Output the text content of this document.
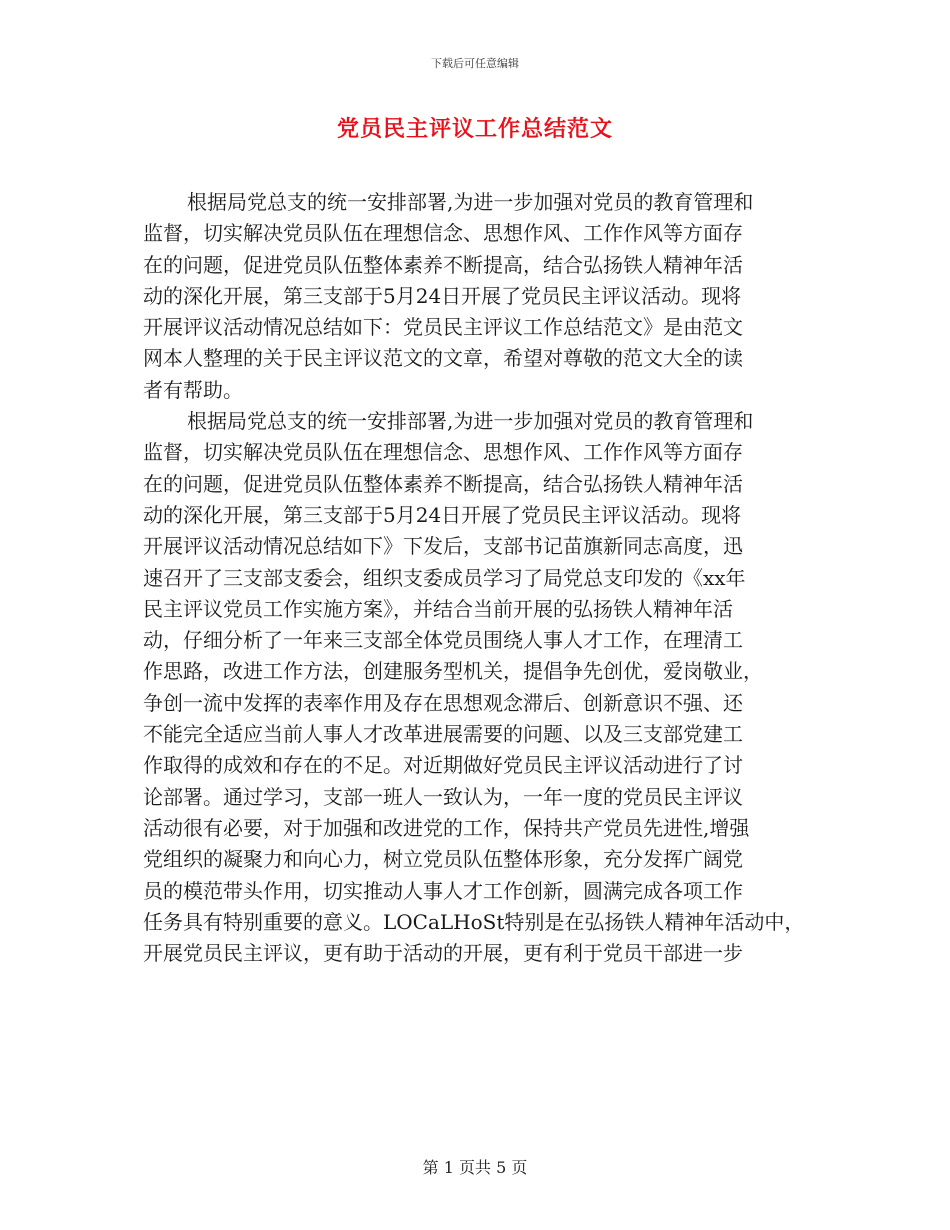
下载后可任意编辑
党员民主评议工作总结范文
根据局党总支的统一安排部署,为进一步加强对党员的教育管理和
监督，切实解决党员队伍在理想信念、思想作风、工作作风等方面存
在的问题，促进党员队伍整体素养不断提高，结合弘扬铁人精神年活
动的深化开展，第三支部于5月24日开展了党员民主评议活动。现将
开展评议活动情况总结如下：党员民主评议工作总结范文》是由范文
网本人整理的关于民主评议范文的文章，希望对尊敬的范文大全的读
者有帮助。
根据局党总支的统一安排部署,为进一步加强对党员的教育管理和
监督，切实解决党员队伍在理想信念、思想作风、工作作风等方面存
在的问题，促进党员队伍整体素养不断提高，结合弘扬铁人精神年活
动的深化开展，第三支部于5月24日开展了党员民主评议活动。现将
开展评议活动情况总结如下》下发后，支部书记苗旗新同志高度，迅
速召开了三支部支委会，组织支委成员学习了局党总支印发的《xx年
民主评议党员工作实施方案》，并结合当前开展的弘扬铁人精神年活
动，仔细分析了一年来三支部全体党员围绕人事人才工作，在理清工
作思路，改进工作方法，创建服务型机关，提倡争先创优，爱岗敬业，
争创一流中发挥的表率作用及存在思想观念滞后、创新意识不强、还
不能完全适应当前人事人才改革进展需要的问题、以及三支部党建工
作取得的成效和存在的不足。对近期做好党员民主评议活动进行了讨
论部署。通过学习，支部一班人一致认为，一年一度的党员民主评议
活动很有必要，对于加强和改进党的工作，保持共产党员先进性,增强
党组织的凝聚力和向心力，树立党员队伍整体形象，充分发挥广阔党
员的模范带头作用，切实推动人事人才工作创新，圆满完成各项工作
任务具有特别重要的意义。LOCaLHoSt特别是在弘扬铁人精神年活动中，
开展党员民主评议，更有助于活动的开展，更有利于党员干部进一步
第 1 页共 5 页
